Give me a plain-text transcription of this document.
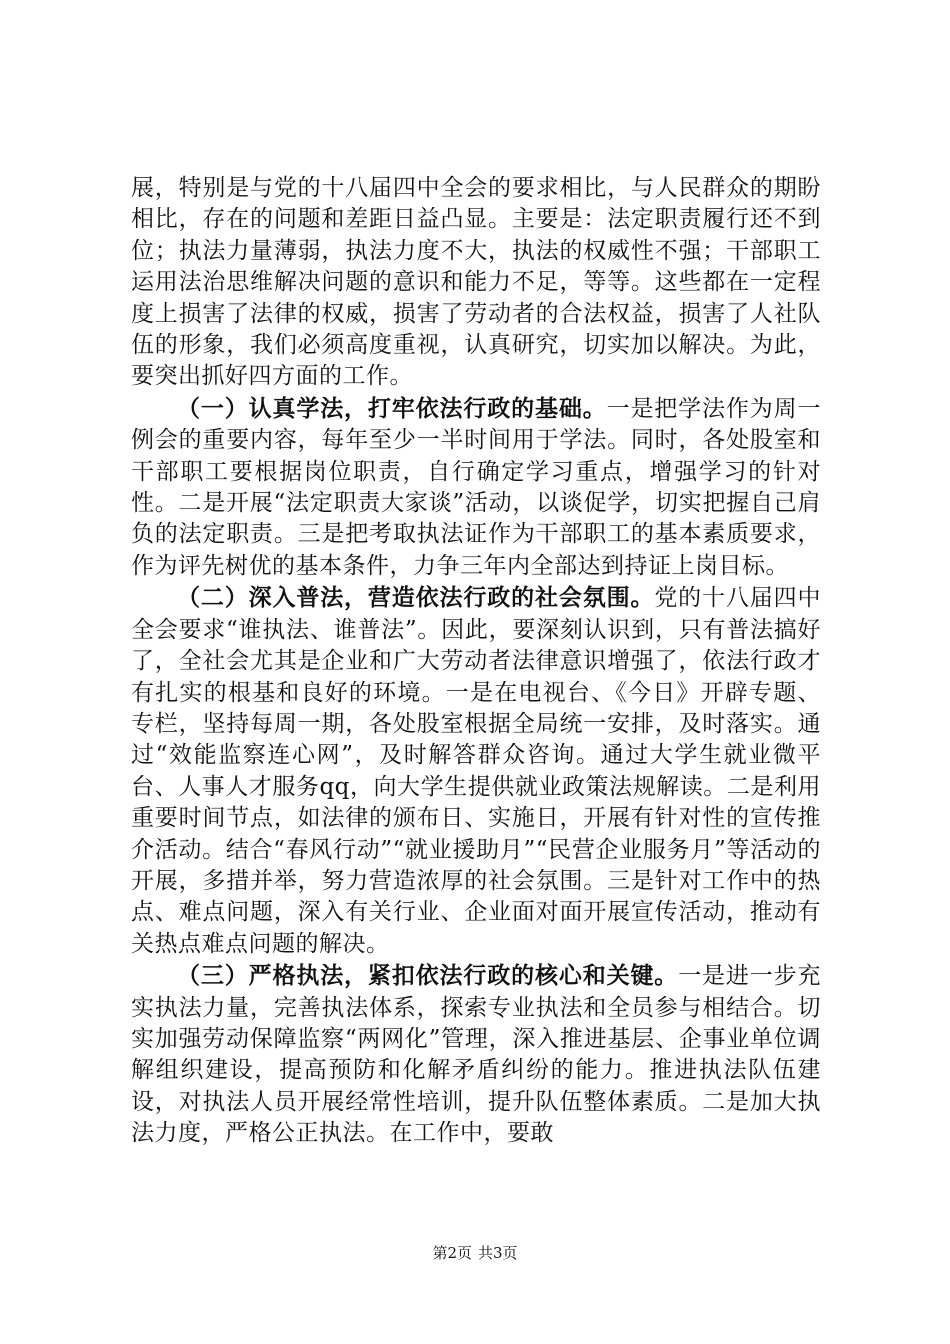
展，特别是与党的十八届四中全会的要求相比，与人民群众的期盼相比，存在的问题和差距日益凸显。主要是：法定职责履行还不到位；执法力量薄弱，执法力度不大，执法的权威性不强；干部职工运用法治思维解决问题的意识和能力不足，等等。这些都在一定程度上损害了法律的权威，损害了劳动者的合法权益，损害了人社队伍的形象，我们必须高度重视，认真研究，切实加以解决。为此，要突出抓好四方面的工作。

（一）认真学法，打牢依法行政的基础。一是把学法作为周一例会的重要内容，每年至少一半时间用于学法。同时，各处股室和干部职工要根据岗位职责，自行确定学习重点，增强学习的针对性。二是开展“法定职责大家谈”活动，以谈促学，切实把握自己肩负的法定职责。三是把考取执法证作为干部职工的基本素质要求，作为评先树优的基本条件，力争三年内全部达到持证上岗目标。

（二）深入普法，营造依法行政的社会氛围。党的十八届四中全会要求“谁执法、谁普法”。因此，要深刻认识到，只有普法搞好了，全社会尤其是企业和广大劳动者法律意识增强了，依法行政才有扎实的根基和良好的环境。一是在电视台、《今日》开辟专题、专栏，坚持每周一期，各处股室根据全局统一安排，及时落实。通过“效能监察连心网”，及时解答群众咨询。通过大学生就业微平台、人事人才服务qq，向大学生提供就业政策法规解读。二是利用重要时间节点，如法律的颁布日、实施日，开展有针对性的宣传推介活动。结合“春风行动”“就业援助月”“民营企业服务月”等活动的开展，多措并举，努力营造浓厚的社会氛围。三是针对工作中的热点、难点问题，深入有关行业、企业面对面开展宣传活动，推动有关热点难点问题的解决。

（三）严格执法，紧扣依法行政的核心和关键。一是进一步充实执法力量，完善执法体系，探索专业执法和全员参与相结合。切实加强劳动保障监察“两网化”管理，深入推进基层、企事业单位调解组织建设，提高预防和化解矛盾纠纷的能力。推进执法队伍建设，对执法人员开展经常性培训，提升队伍整体素质。二是加大执法力度，严格公正执法。在工作中，要敢

第2页 共3页
